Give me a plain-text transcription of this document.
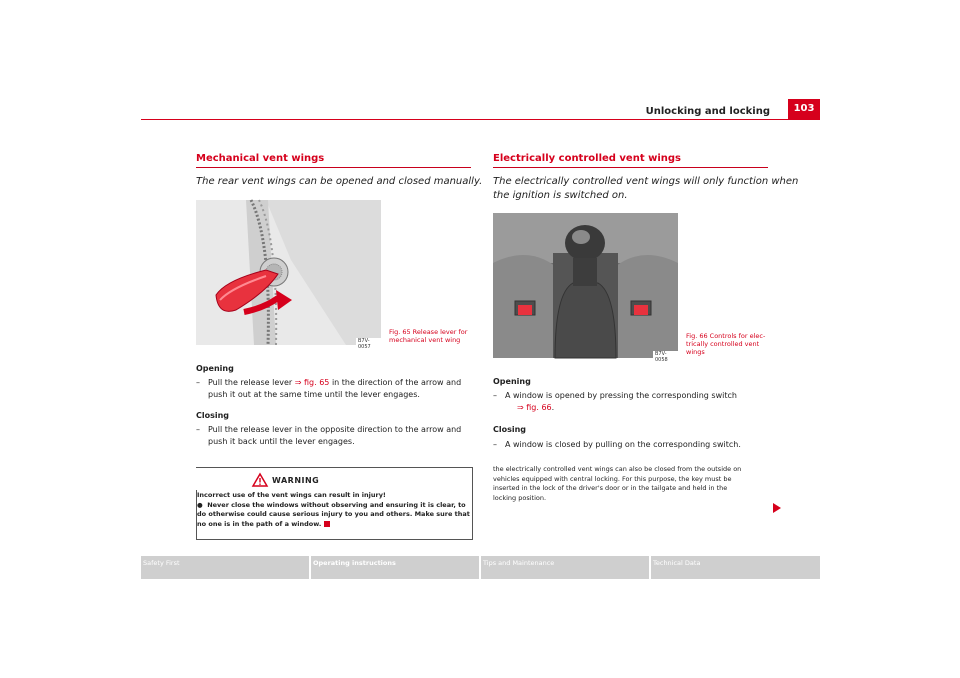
Unlocking and locking	103
Mechanical vent wings
The rear vent wings can be opened and closed manually.
B7V-0057
Fig. 65 Release lever for
mechanical vent wing
Opening
–	Pull the release lever ⇒ fig. 65 in the direction of the arrow and
push it out at the same time until the lever engages.
Closing
–	Pull the release lever in the opposite direction to the arrow and
push it back until the lever engages.
WARNING
Incorrect use of the vent wings can result in injury!
●  Never close the windows without observing and ensuring it is clear, to
do otherwise could cause serious injury to you and others. Make sure that
no one is in the path of a window.
Electrically controlled vent wings
The electrically controlled vent wings will only function when
the ignition is switched on.
B7V-0058
Fig. 66 Controls for elec-
trically controlled vent
wings
Opening
–	A window is opened by pressing the corresponding switch
⇒ fig. 66.
Closing
–	A window is closed by pulling on the corresponding switch.
the electrically controlled vent wings can also be closed from the outside on
vehicles equipped with central locking. For this purpose, the key must be
inserted in the lock of the driver's door or in the tailgate and held in the
locking position.
Safety First	Operating instructions	Tips and Maintenance	Technical Data
